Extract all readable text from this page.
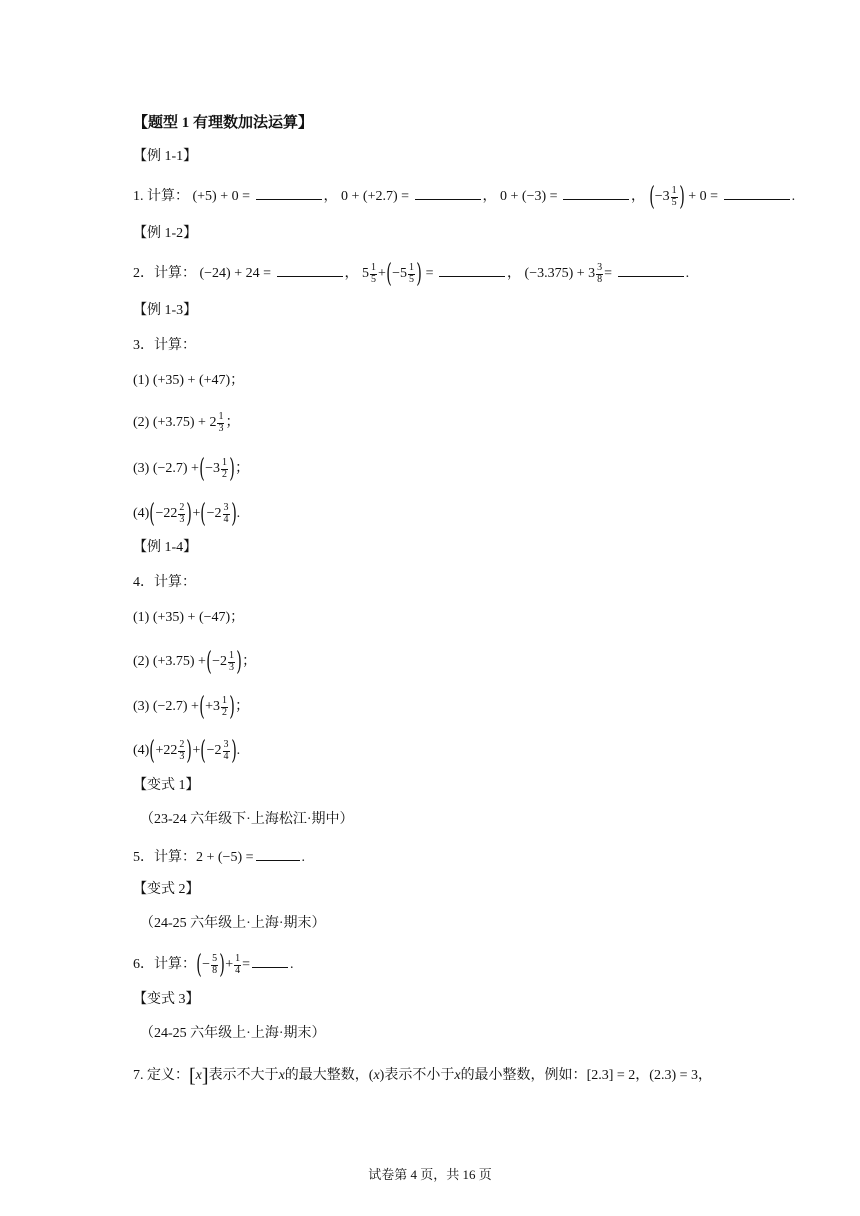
【题型 1 有理数加法运算】
【例 1-1】
1. 计算： (+5) + 0 =	， 0 + (+2.7) =	， 0 + (−3) =	， ($-3 \frac{1}{5}$ ) + 0 =	.
【例 1-2】
2．计算： (−24) + 24 =	， $5 \frac{1}{5} +(-5 \frac{1}{5}$ ) =	， $(-3.375) + 3 \frac{3}{8}$ =	.
【例 1-3】
3．计算：
(1) (+35) + (+47)；
(2) $(+3.75) + 2 \frac{1}{3}$ ；
(3) $(-2.7) +(-3 \frac{1}{2}$ )；
$(4)(-22 \frac{2}{3} )+(-2 \frac{3}{4}$ ).
【例 1-4】
4．计算：
(1) (+35) + (−47)；
(2) $(+3.75) +(-2 \frac{1}{3}$ )；
(3) $(-2.7) +(+3 \frac{1}{2}$ )；
$(4)(+22 \frac{2}{3} )+(-2 \frac{3}{4}$ ).
【变式 1】
（23-24 六年级下·上海松江·期中）
5．计算：2 + (−5) =	.
【变式 2】
（24-25 六年级上·上海·期末）
6．计算：(− $\frac{5}{8}$ )+ $\frac{1}{4}$ =	.
【变式 3】
（24-25 六年级上·上海·期末）
7. 定义：[x]表示不大于x的最大整数，(x)表示不小于x的最小整数，例如：[2.3] = 2，(2.3) = 3，
试卷第 4 页，共 16 页
